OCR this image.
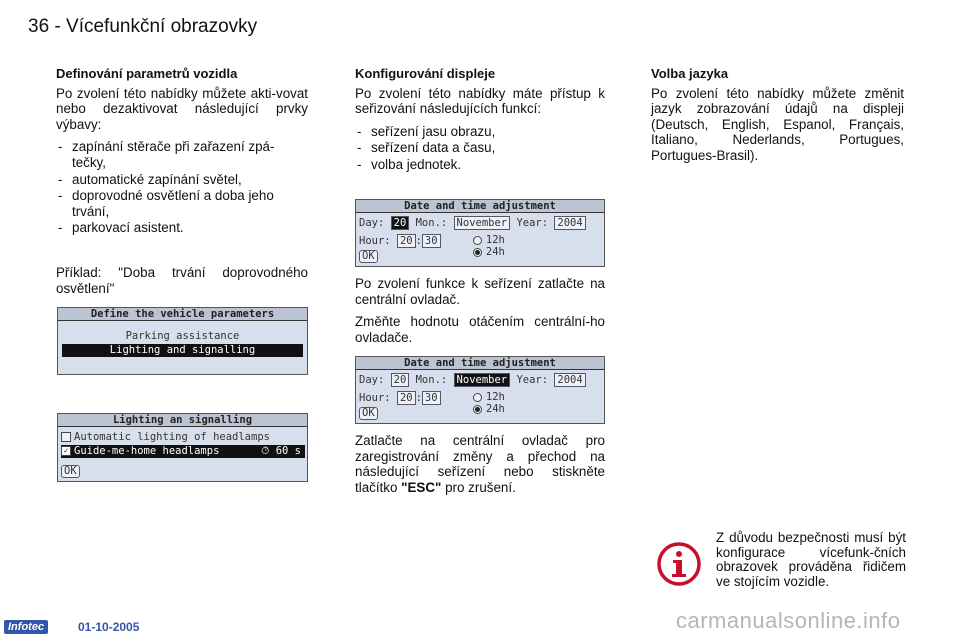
36 - Vícefunkční obrazovky
Definování parametrů vozidla

Po zvolení této nabídky můžete akti-vovat nebo dezaktivovat následující prvky výbavy:

- zapínání stěrače při zařazení zpá-tečky,
- automatické zapínání světel,
- doprovodné osvětlení a doba jeho trvání,
- parkovací asistent.

Příklad: "Doba trvání doprovodného osvětlení"

Define the vehicle parameters
Parking assistance
Lighting and signalling
Lighting an signalling
Automatic lighting of headlamps
✓ Guide-me-home headlamps	⏱ 60 s
OK
Konfigurování displeje

Po zvolení této nabídky máte přístup k seřizování následujících funkcí:

- seřízení jasu obrazu,
- seřízení data a času,
- volba jednotek.
Date and time adjustment
Day: 20 Mon.: November Year: 2004
Hour: 20 : 30	12h
24h
OK

Po zvolení funkce k seřízení zatlačte na centrální ovladač.

Změňte hodnotu otáčením centrální-ho ovladače.

Date and time adjustment
Day: 20 Mon.: November Year: 2004
Hour: 20 : 30	12h
24h
OK

Zatlačte na centrální ovladač pro zaregistrování změny a přechod na následující seřízení nebo stiskněte tlačítko "ESC" pro zrušení.

Volba jazyka

Po zvolení této nabídky můžete změnit jazyk zobrazování údajů na displeji (Deutsch, English, Espanol, Français, Italiano, Nederlands, Portugues, Portugues-Brasil).

Z důvodu bezpečnosti musí být konfigurace vícefunk-čních obrazovek prováděna řidičem ve stojícím vozidle.
Infotec	01-10-2005	carmanualsonline.info
